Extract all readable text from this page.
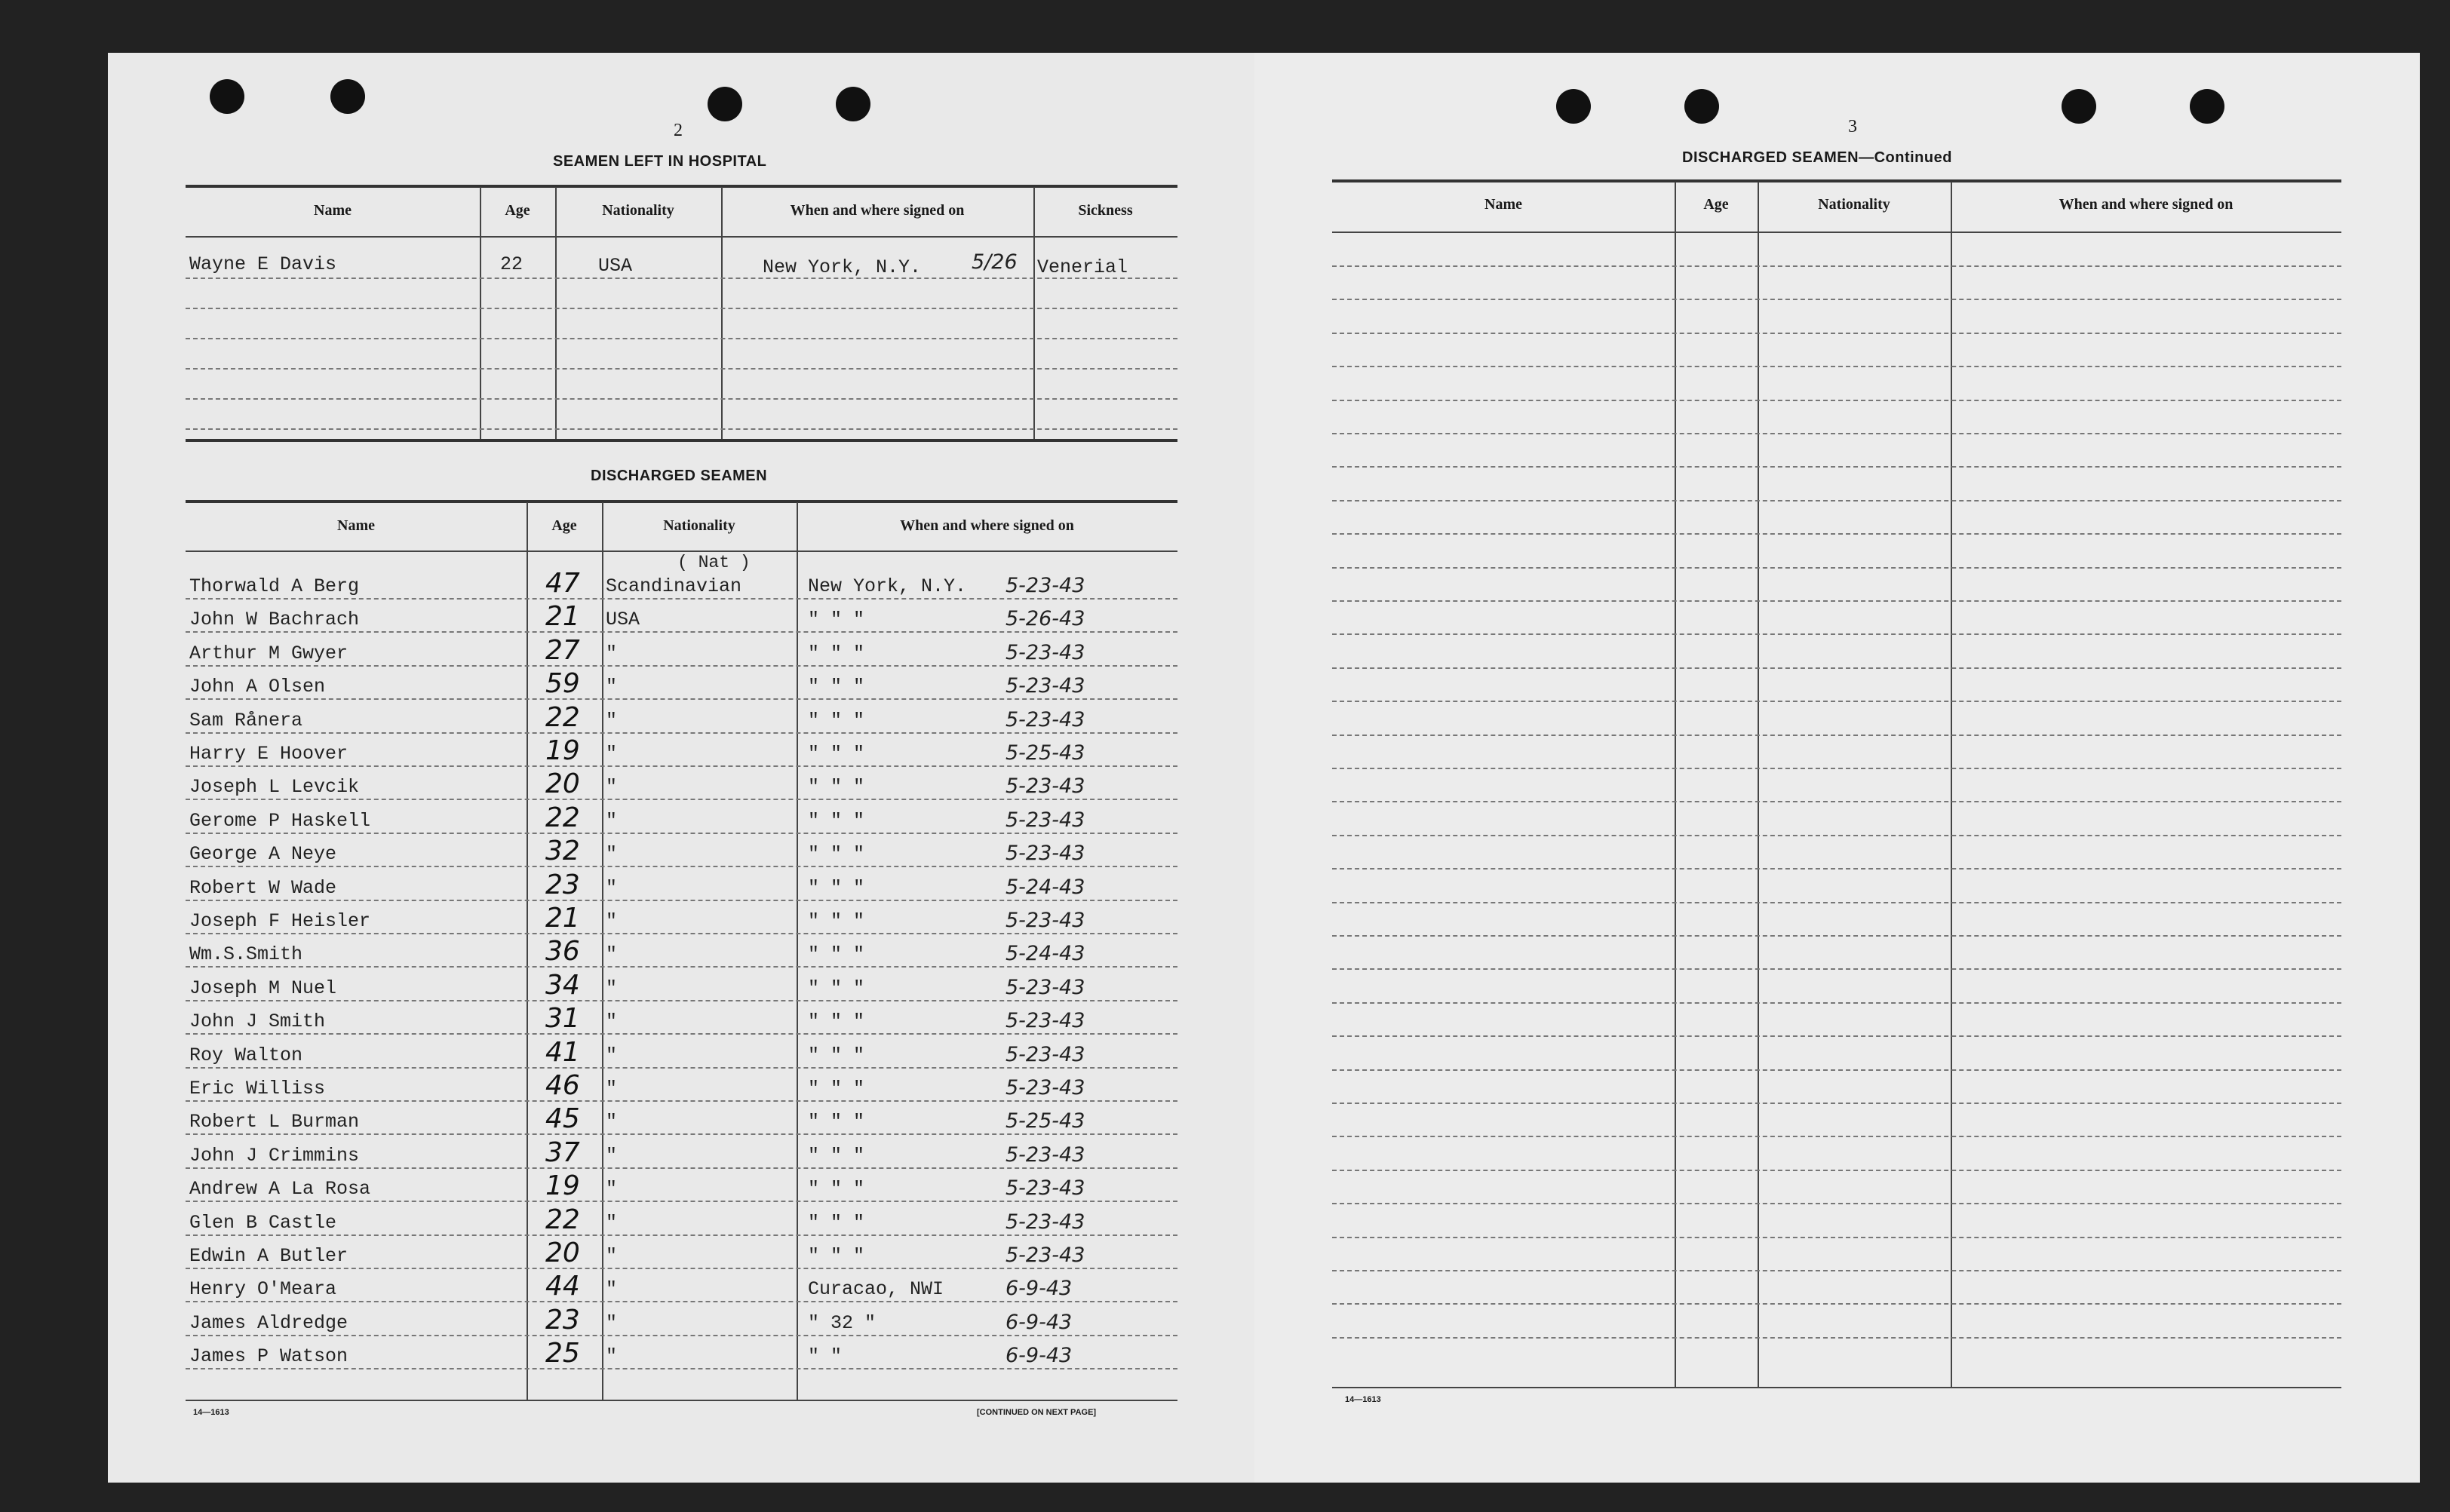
2
SEAMEN LEFT IN HOSPITAL
Name	Age	Nationality	When and where signed on	Sickness
Wayne E Davis	22	USA	New York, N.Y. 5/26 Venerial
DISCHARGED SEAMEN
Name	Age	Nationality	When and where signed on
( Nat )
Thorwald A Berg	47 Scandinavian	New York, N.Y. 5-23-43
John W Bachrach	21 USA	" " "	5-26-43
Arthur M Gwyer	27 "	" " "	5-23-43
John A Olsen	59 "	" " "	5-23-43
Sam Rånera	22 "	" " "	5-23-43
Harry E Hoover	19 "	" " "	5-25-43
Joseph L Levcik	20 "	" " "	5-23-43
Gerome P Haskell	22 "	" " "	5-23-43
George A Neye	32 "	" " "	5-23-43
Robert W Wade	23 "	" " "	5-24-43
Joseph F Heisler	21 "	" " "	5-23-43
Wm.S.Smith	36 "	" " "	5-24-43
Joseph M Nuel	34 "	" " "	5-23-43
John J Smith	31 "	" " "	5-23-43
Roy Walton	41 "	" " "	5-23-43
Eric Williss	46 "	" " "	5-23-43
Robert L Burman	45 "	" " "	5-25-43
John J Crimmins	37 "	" " "	5-23-43
Andrew A La Rosa	19 "	" " "	5-23-43
Glen B Castle	22 "	" " "	5-23-43
Edwin A Butler	20 "	" " "	5-23-43
Henry O'Meara	44 "	Curacao, NWI	6-9-43
James Aldredge	23 "	" 32 "	6-9-43
James P Watson	25 "	" "	6-9-43
14—1613	[CONTINUED ON NEXT PAGE]
3
DISCHARGED SEAMEN—Continued
Name	Age	Nationality	When and where signed on
14—1613
